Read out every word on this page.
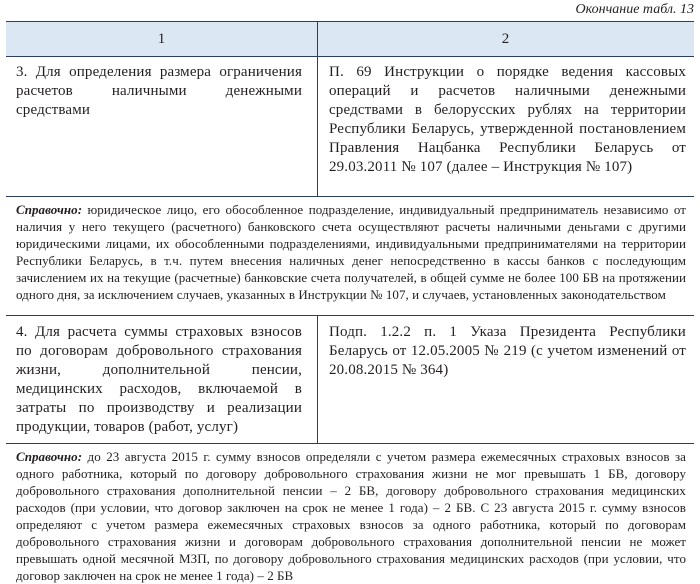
Окончание табл. 13
1	2
3. Для определения размера ограничения расчетов наличными денежными средствами
П. 69 Инструкции о порядке ведения кассовых операций и расчетов наличными денежными средствами в белорусских рублях на территории Республики Беларусь, утвержденной постановлением Правления Нацбанка Республики Беларусь от 29.03.2011 № 107 (далее – Инструкция № 107)
Справочно: юридическое лицо, его обособленное подразделение, индивидуальный предприниматель независимо от наличия у него текущего (расчетного) банковского счета осуществляют расчеты наличными деньгами с другими юридическими лицами, их обособленными подразделениями, индивидуальными предпринимателями на территории Республики Беларусь, в т.ч. путем внесения наличных денег непосредственно в кассы банков с последующим зачислением их на текущие (расчетные) банковские счета получателей, в общей сумме не более 100 БВ на протяжении одного дня, за исключением случаев, указанных в Инструкции № 107, и случаев, установленных законодательством
4. Для расчета суммы страховых взносов по договорам добровольного страхования жизни, дополнительной пенсии, медицинских расходов, включаемой в затраты по производству и реализации продукции, товаров (работ, услуг)
Подп. 1.2.2 п. 1 Указа Президента Республики Беларусь от 12.05.2005 № 219 (с учетом изменений от 20.08.2015 № 364)
Справочно: до 23 августа 2015 г. сумму взносов определяли с учетом размера ежемесячных страховых взносов за одного работника, который по договору добровольного страхования жизни не мог превышать 1 БВ, договору добровольного страхования дополнительной пенсии – 2 БВ, договору добровольного страхования медицинских расходов (при условии, что договор заключен на срок не менее 1 года) – 2 БВ. С 23 августа 2015 г. сумму взносов определяют с учетом размера ежемесячных страховых взносов за одного работника, который по договорам добровольного страхования жизни и договорам добровольного страхования дополнительной пенсии не может превышать одной месячной МЗП, по договору добровольного страхования медицинских расходов (при условии, что договор заключен на срок не менее 1 года) – 2 БВ
